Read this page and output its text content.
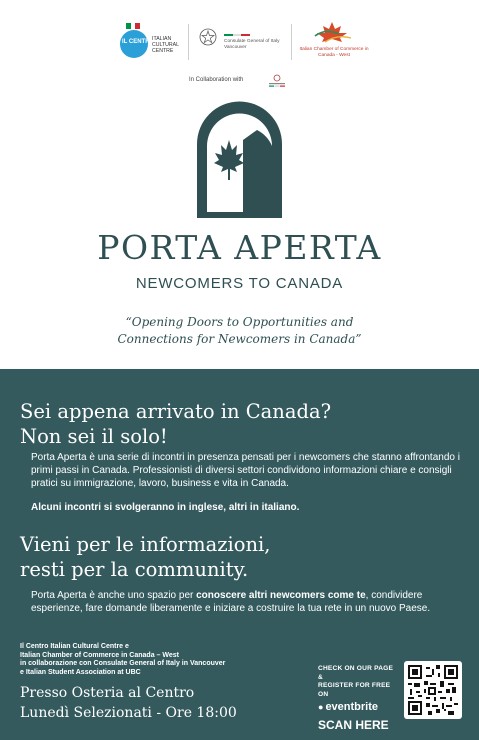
IL CENTRO
ITALIAN CULTURAL CENTRE
Consulate General of Italy Vancouver	Italian Chamber of Commerce in Canada - West
In Collaboration with
PORTA APERTA
NEWCOMERS TO CANADA
“Opening Doors to Opportunities and
Connections for Newcomers in Canada”
Sei appena arrivato in Canada?
Non sei il solo!
Porta Aperta è una serie di incontri in presenza pensati per i newcomers che stanno affrontando i primi passi in Canada. Professionisti di diversi settori condividono informazioni chiare e consigli pratici su immigrazione, lavoro, business e vita in Canada.
Alcuni incontri si svolgeranno in inglese, altri in italiano.
Vieni per le informazioni,
resti per la community.
Porta Aperta è anche uno spazio per conoscere altri newcomers come te, condividere esperienze, fare domande liberamente e iniziare a costruire la tua rete in un nuovo Paese.
Il Centro Italian Cultural Centre e
Italian Chamber of Commerce in Canada – West
in collaborazione con Consulate General of Italy in Vancouver
e Italian Student Association at UBC
Presso Osteria al Centro
Lunedì Selezionati - Ore 18:00
CHECK ON OUR PAGE &
REGISTER FOR FREE ON
● eventbrite
SCAN HERE
